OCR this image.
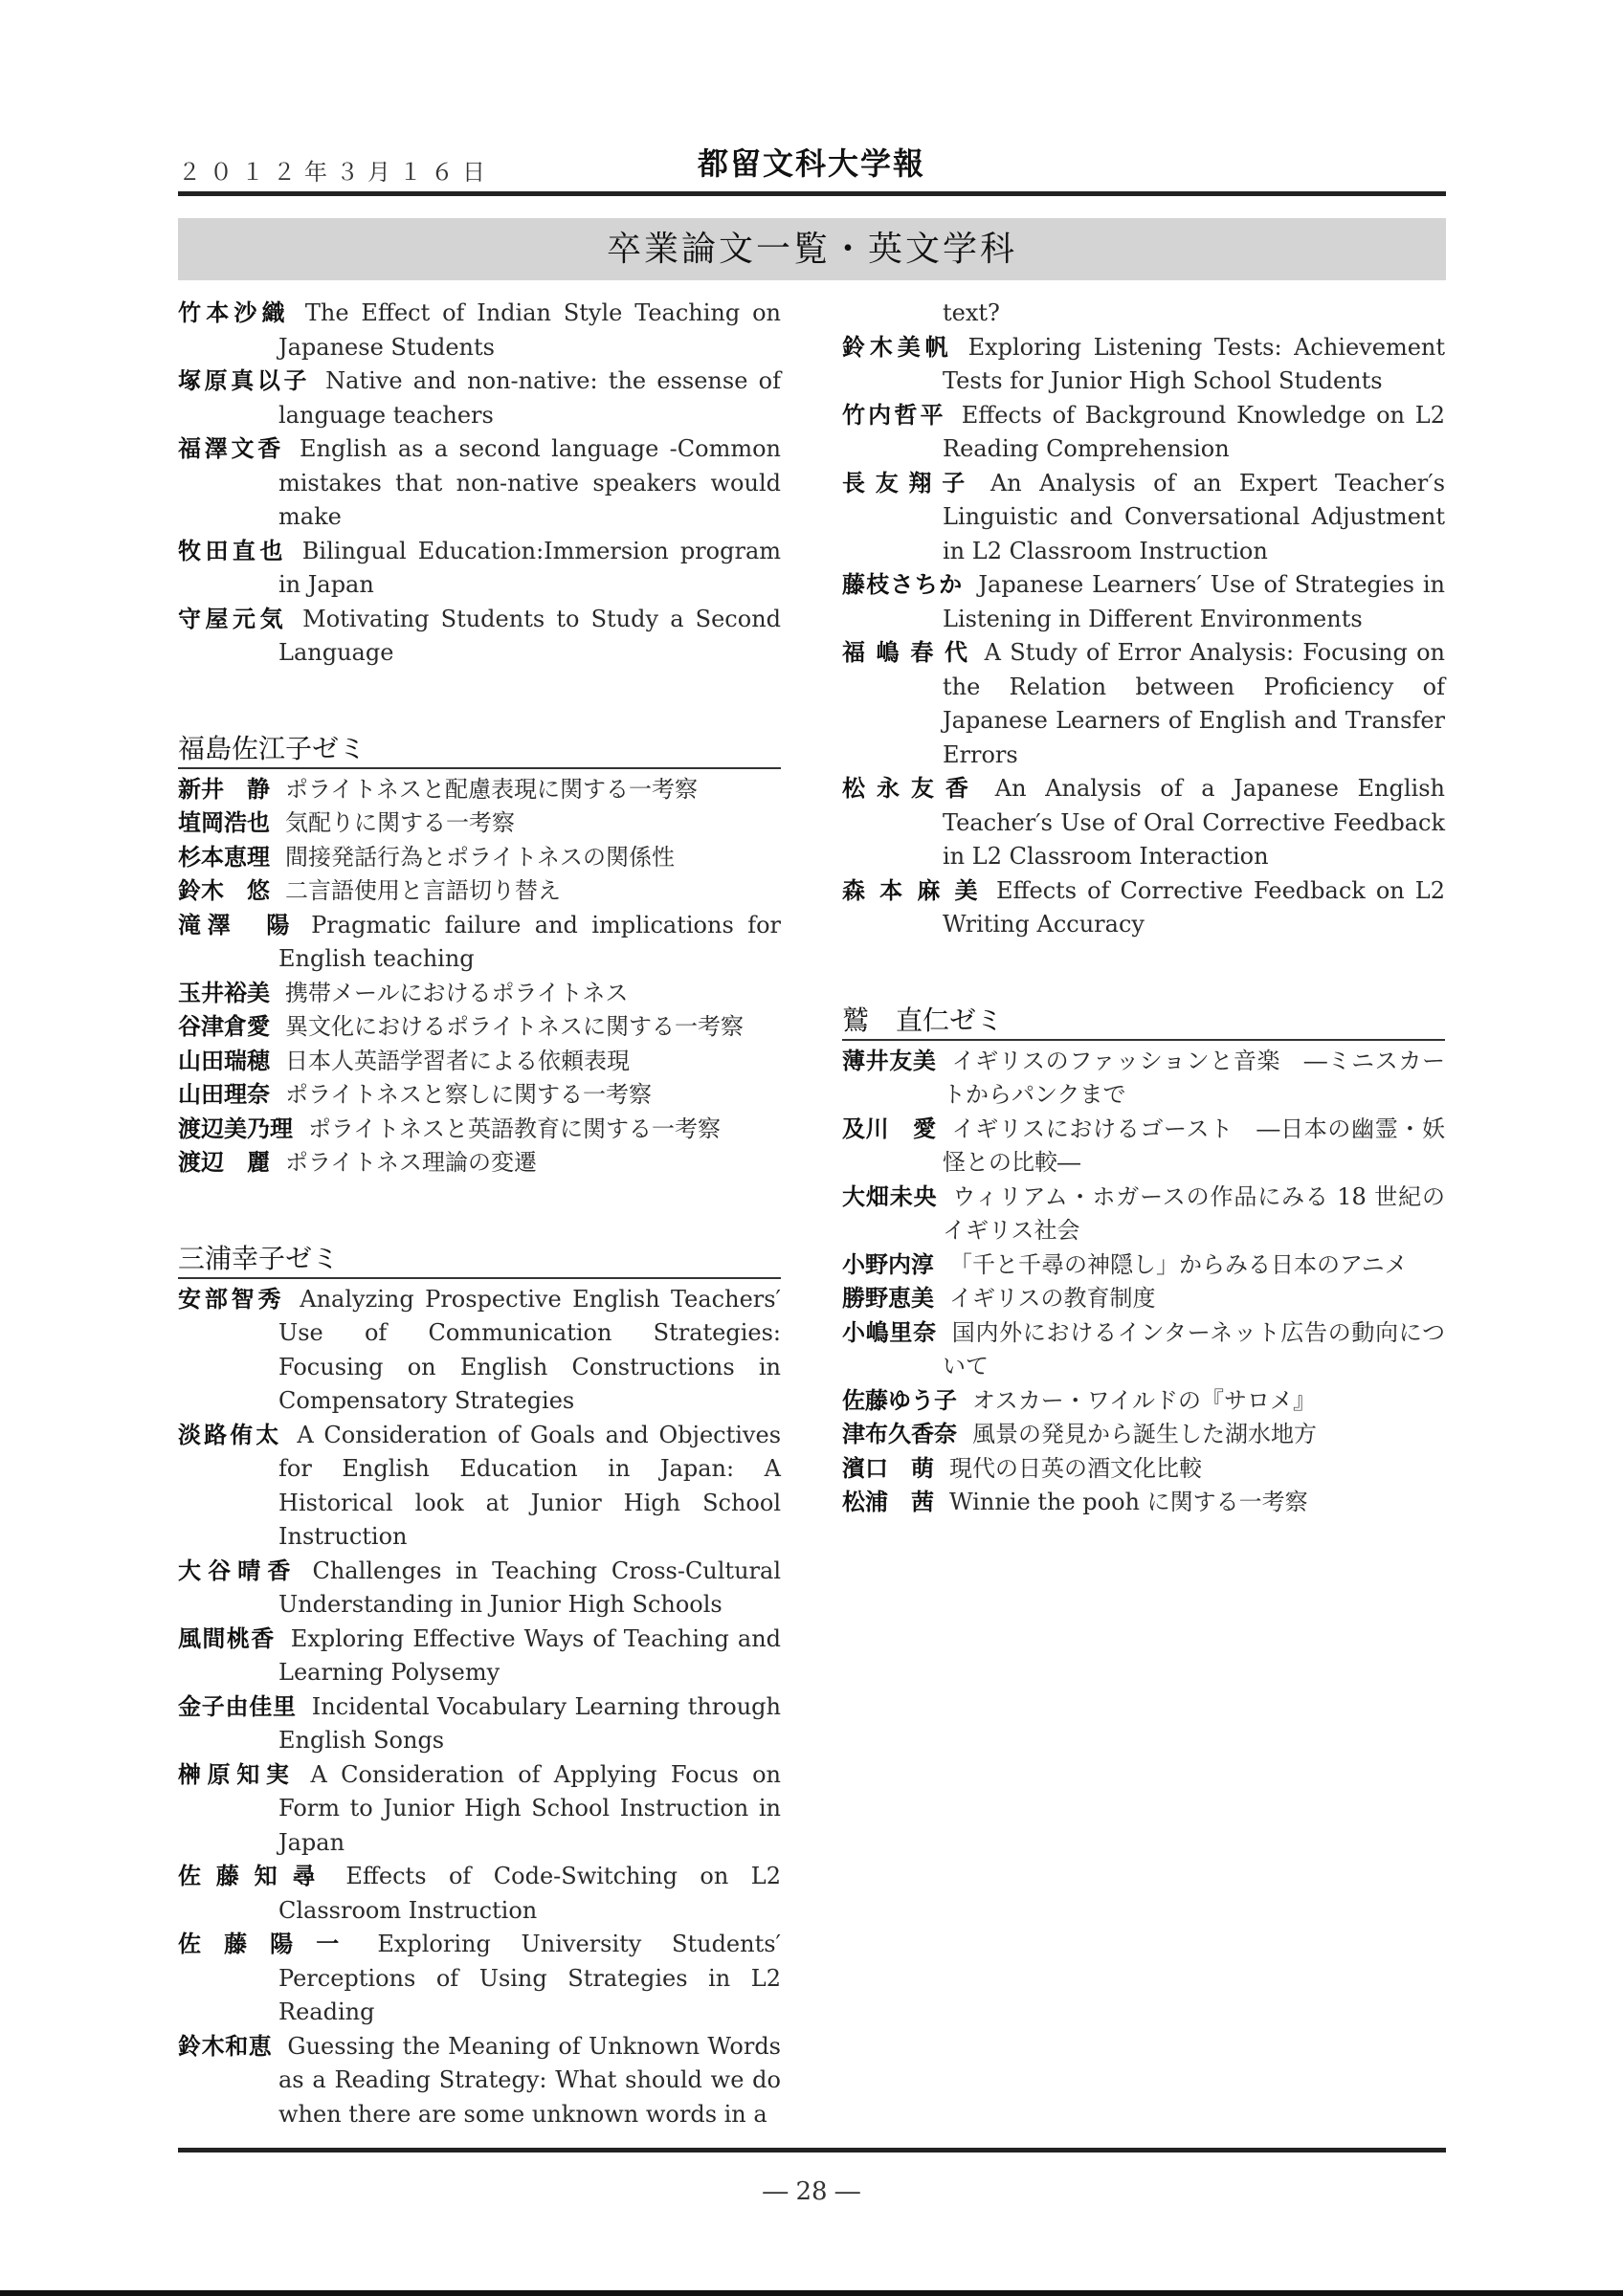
２０１２年３月１６日	都留文科大学報
卒業論文一覧・英文学科
竹本沙織 The Effect of Indian Style Teaching on Japanese Students
塚原真以子 Native and non-native: the essense of language teachers
福澤文香 English as a second language -Common mistakes that non-native speakers would make
牧田直也 Bilingual Education:Immersion program in Japan
守屋元気 Motivating Students to Study a Second Language
福島佐江子ゼミ
新井　静 ポライトネスと配慮表現に関する一考察
埴岡浩也 気配りに関する一考察
杉本恵理 間接発話行為とポライトネスの関係性
鈴木　悠 二言語使用と言語切り替え
滝澤　陽 Pragmatic failure and implications for English teaching
玉井裕美 携帯メールにおけるポライトネス
谷津倉愛 異文化におけるポライトネスに関する一考察
山田瑞穂 日本人英語学習者による依頼表現
山田理奈 ポライトネスと察しに関する一考察
渡辺美乃理 ポライトネスと英語教育に関する一考察
渡辺　麗 ポライトネス理論の変遷
三浦幸子ゼミ
安部智秀 Analyzing Prospective English Teachers′ Use of Communication Strategies: Focusing on English Constructions in Compensatory Strategies
淡路侑太 A Consideration of Goals and Objectives for English Education in Japan: A Historical look at Junior High School Instruction
大谷晴香 Challenges in Teaching Cross-Cultural Understanding in Junior High Schools
風間桃香 Exploring Effective Ways of Teaching and Learning Polysemy
金子由佳里 Incidental Vocabulary Learning through English Songs
榊原知実 A Consideration of Applying Focus on Form to Junior High School Instruction in Japan
佐藤知尋 Effects of Code-Switching on L2 Classroom Instruction
佐藤陽一 Exploring University Students′ Perceptions of Using Strategies in L2 Reading
鈴木和恵 Guessing the Meaning of Unknown Words as a Reading Strategy: What should we do when there are some unknown words in a
text?
鈴木美帆 Exploring Listening Tests: Achievement Tests for Junior High School Students
竹内哲平 Effects of Background Knowledge on L2 Reading Comprehension
長友翔子 An Analysis of an Expert Teacher′s Linguistic and Conversational Adjustment in L2 Classroom Instruction
藤枝さちか Japanese Learners′ Use of Strategies in Listening in Different Environments
福 嶋 春 代 A Study of Error Analysis: Focusing on the Relation between Proficiency of Japanese Learners of English and Transfer Errors
松永友香 An Analysis of a Japanese English Teacher′s Use of Oral Corrective Feedback in L2 Classroom Interaction
森 本 麻 美 Effects of Corrective Feedback on L2 Writing Accuracy
鷲　直仁ゼミ
薄井友美 イギリスのファッションと音楽　―ミニスカートからパンクまで
及川　愛 イギリスにおけるゴースト　―日本の幽霊・妖怪との比較―
大畑未央 ウィリアム・ホガースの作品にみる 18 世紀のイギリス社会
小野内淳 「千と千尋の神隠し」からみる日本のアニメ
勝野恵美 イギリスの教育制度
小嶋里奈 国内外におけるインターネット広告の動向について
佐藤ゆう子 オスカー・ワイルドの『サロメ』
津布久香奈 風景の発見から誕生した湖水地方
濱口　萌 現代の日英の酒文化比較
松浦　茜 Winnie the pooh に関する一考察
― 28 ―
